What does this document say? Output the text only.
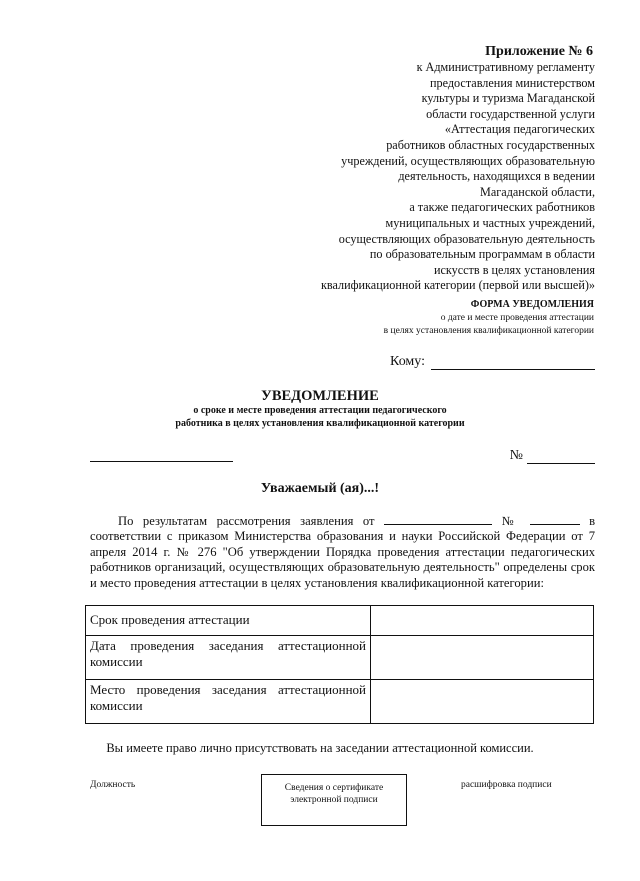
Приложение № 6
к Административному регламенту
предоставления министерством
культуры и туризма Магаданской
области государственной услуги
«Аттестация педагогических
работников областных государственных
учреждений, осуществляющих образовательную
деятельность, находящихся в ведении
Магаданской области,
а также педагогических работников
муниципальных и частных учреждений,
осуществляющих образовательную деятельность
по образовательным программам в области
искусств в целях установления
квалификационной категории (первой или высшей)»
ФОРМА УВЕДОМЛЕНИЯ
о дате и месте проведения аттестации
в целях установления квалификационной категории
Кому:
УВЕДОМЛЕНИЕ
о сроке и месте проведения аттестации педагогического
работника в целях установления квалификационной категории
№
Уважаемый (ая)...!
По результатам рассмотрения заявления от	№	в соответствии с приказом Министерства образования и науки Российской Федерации от 7 апреля 2014 г. № 276 "Об утверждении Порядка проведения аттестации педагогических работников организаций, осуществляющих образовательную деятельность" определены срок и место проведения аттестации в целях установления квалификационной категории:
Срок проведения аттестации	

Дата проведения заседания аттестационной комиссии	

Место проведения заседания аттестационной комиссии	

Вы имеете право лично присутствовать на заседании аттестационной комиссии.
Должность	Сведения о сертификате
электронной подписи
расшифровка подписи
